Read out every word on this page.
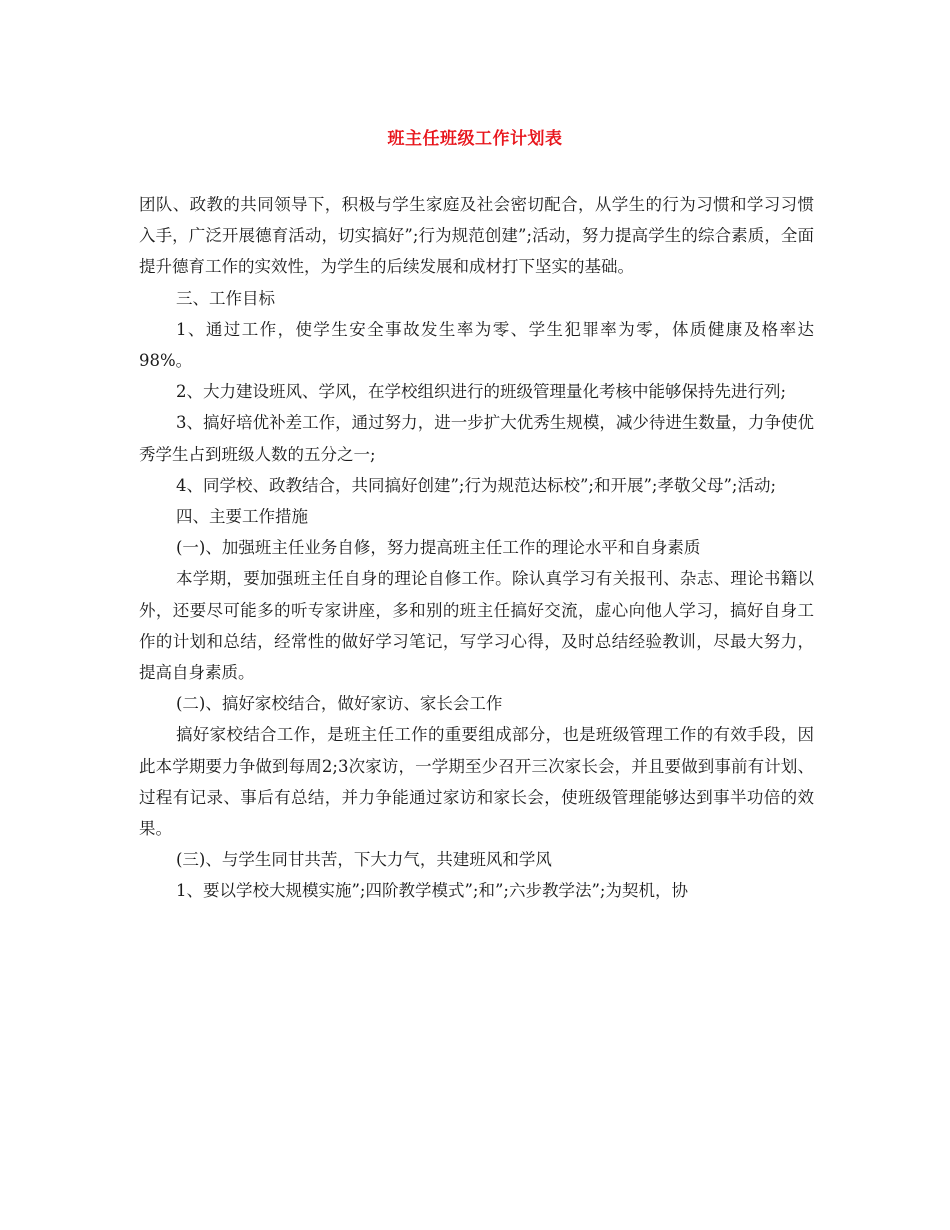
班主任班级工作计划表

团队、政教的共同领导下，积极与学生家庭及社会密切配合，从学生的行为习惯和学习习惯入手，广泛开展德育活动，切实搞好”;行为规范创建”;活动，努力提高学生的综合素质，全面提升德育工作的实效性，为学生的后续发展和成材打下坚实的基础。

三、工作目标

1、通过工作，使学生安全事故发生率为零、学生犯罪率为零，体质健康及格率达98%。

2、大力建设班风、学风，在学校组织进行的班级管理量化考核中能够保持先进行列;

3、搞好培优补差工作，通过努力，进一步扩大优秀生规模，减少待进生数量，力争使优秀学生占到班级人数的五分之一;

4、同学校、政教结合，共同搞好创建”;行为规范达标校”;和开展”;孝敬父母”;活动;

四、主要工作措施

(一)、加强班主任业务自修，努力提高班主任工作的理论水平和自身素质

本学期，要加强班主任自身的理论自修工作。除认真学习有关报刊、杂志、理论书籍以外，还要尽可能多的听专家讲座，多和别的班主任搞好交流，虚心向他人学习，搞好自身工作的计划和总结，经常性的做好学习笔记，写学习心得，及时总结经验教训，尽最大努力，提高自身素质。

(二)、搞好家校结合，做好家访、家长会工作

搞好家校结合工作，是班主任工作的重要组成部分，也是班级管理工作的有效手段，因此本学期要力争做到每周2;3次家访，一学期至少召开三次家长会，并且要做到事前有计划、过程有记录、事后有总结，并力争能通过家访和家长会，使班级管理能够达到事半功倍的效果。

(三)、与学生同甘共苦，下大力气，共建班风和学风

1、要以学校大规模实施”;四阶教学模式”;和”;六步教学法”;为契机，协
